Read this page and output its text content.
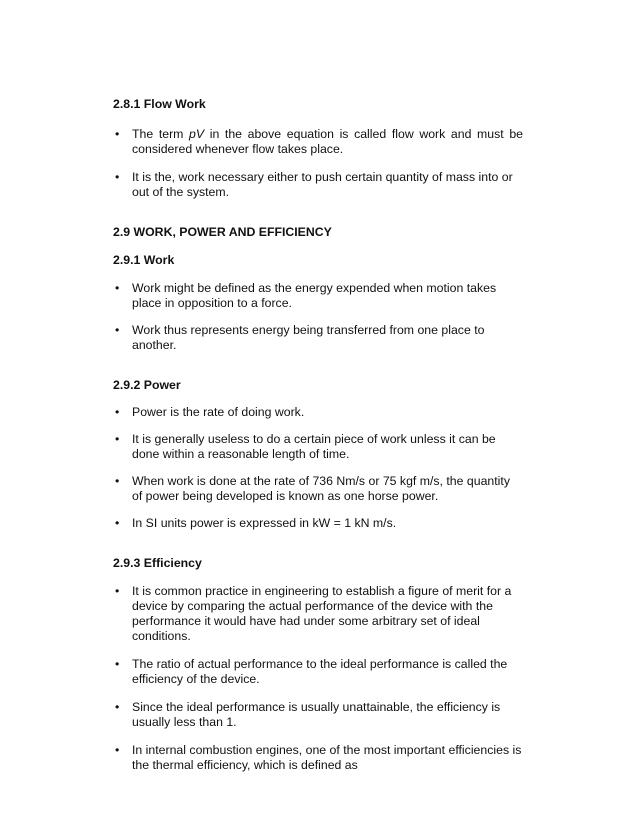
2.8.1 Flow Work

• The term pV in the above equation is called flow work and must be considered whenever flow takes place.
• It is the, work necessary either to push certain quantity of mass into or out of the system.

2.9 WORK, POWER AND EFFICIENCY

2.9.1 Work

• Work might be defined as the energy expended when motion takes place in opposition to a force.
• Work thus represents energy being transferred from one place to another.

2.9.2 Power

• Power is the rate of doing work.
• It is generally useless to do a certain piece of work unless it can be done within a reasonable length of time.
• When work is done at the rate of 736 Nm/s or 75 kgf m/s, the quantity of power being developed is known as one horse power.
• In SI units power is expressed in kW = 1 kN m/s.

2.9.3 Efficiency

• It is common practice in engineering to establish a figure of merit for a device by comparing the actual performance of the device with the performance it would have had under some arbitrary set of ideal conditions.
• The ratio of actual performance to the ideal performance is called the efficiency of the device.
• Since the ideal performance is usually unattainable, the efficiency is usually less than 1.
• In internal combustion engines, one of the most important efficiencies is the thermal efficiency, which is defined as
